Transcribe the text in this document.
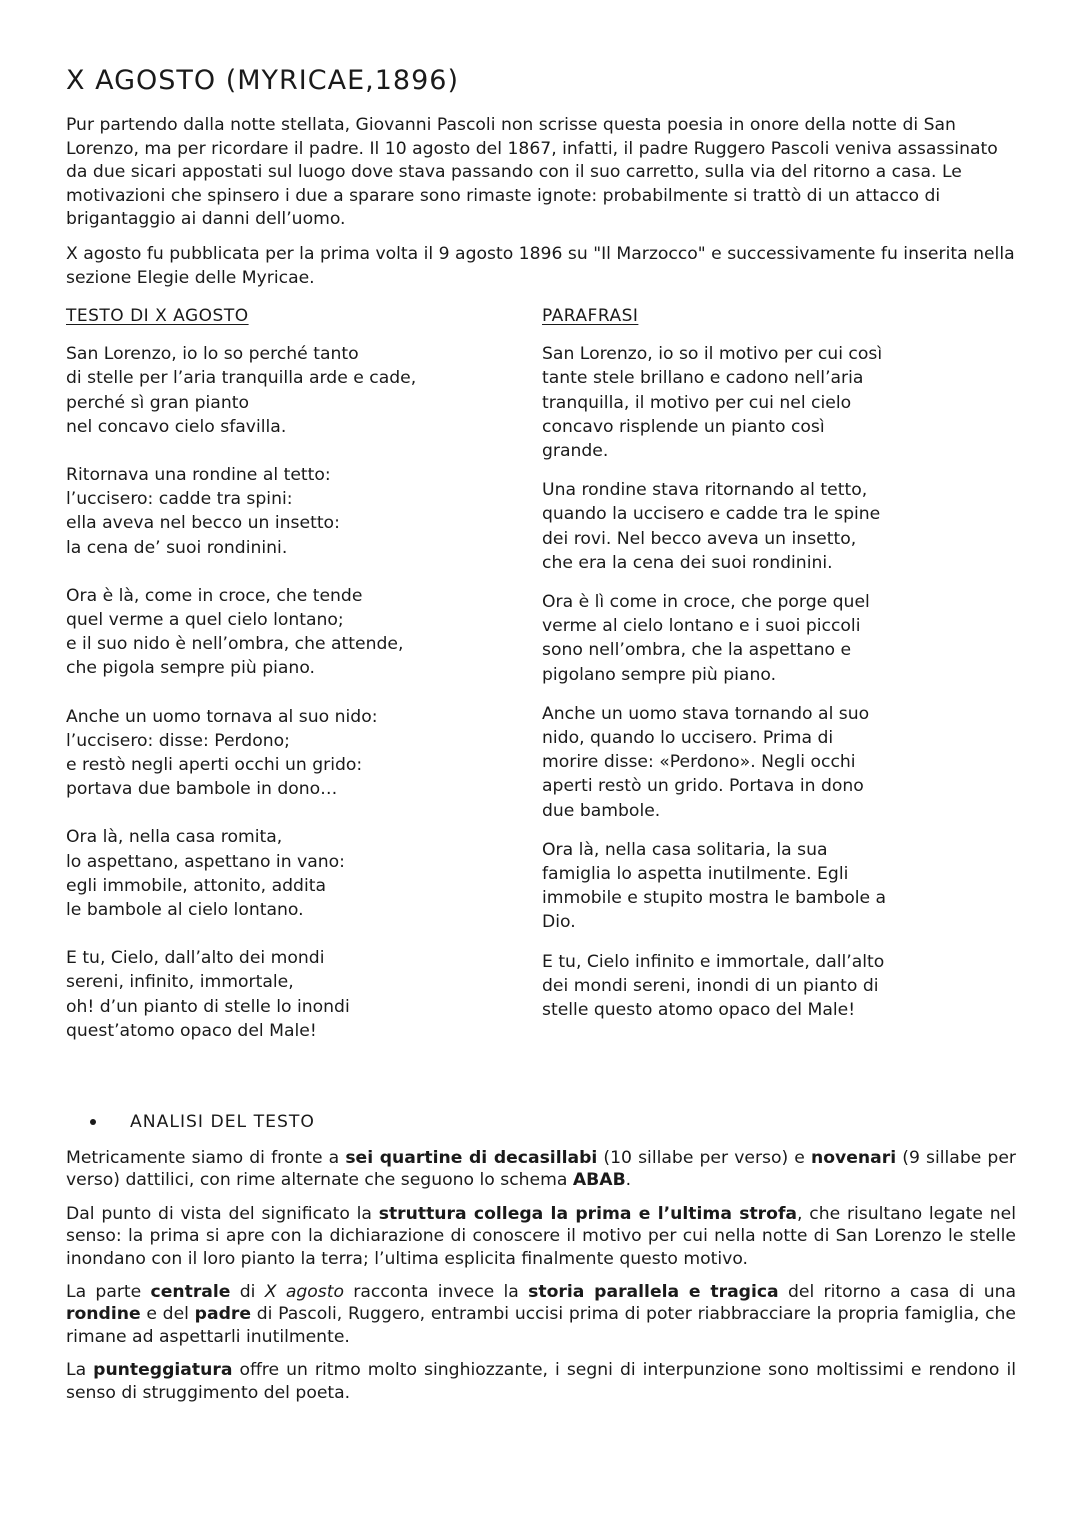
X AGOSTO (MYRICAE,1896)

Pur partendo dalla notte stellata, Giovanni Pascoli non scrisse questa poesia in onore della notte di San Lorenzo, ma per ricordare il padre. Il 10 agosto del 1867, infatti, il padre Ruggero Pascoli veniva assassinato da due sicari appostati sul luogo dove stava passando con il suo carretto, sulla via del ritorno a casa. Le motivazioni che spinsero i due a sparare sono rimaste ignote: probabilmente si trattò di un attacco di brigantaggio ai danni dell’uomo.

X agosto fu pubblicata per la prima volta il 9 agosto 1896 su "Il Marzocco" e successivamente fu inserita nella sezione Elegie delle Myricae.

TESTO DI X AGOSTO
San Lorenzo, io lo so perché tanto
di stelle per l’aria tranquilla arde e cade,
perché sì gran pianto
nel concavo cielo sfavilla.
Ritornava una rondine al tetto:
l’uccisero: cadde tra spini:
ella aveva nel becco un insetto:
la cena de’ suoi rondinini.
Ora è là, come in croce, che tende
quel verme a quel cielo lontano;
e il suo nido è nell’ombra, che attende,
che pigola sempre più piano.
Anche un uomo tornava al suo nido:
l’uccisero: disse: Perdono;
e restò negli aperti occhi un grido:
portava due bambole in dono…
Ora là, nella casa romita,
lo aspettano, aspettano in vano:
egli immobile, attonito, addita
le bambole al cielo lontano.
E tu, Cielo, dall’alto dei mondi
sereni, infinito, immortale,
oh! d’un pianto di stelle lo inondi
quest’atomo opaco del Male!
PARAFRASI
San Lorenzo, io so il motivo per cui così
tante stele brillano e cadono nell’aria
tranquilla, il motivo per cui nel cielo
concavo risplende un pianto così
grande.
Una rondine stava ritornando al tetto,
quando la uccisero e cadde tra le spine
dei rovi. Nel becco aveva un insetto,
che era la cena dei suoi rondinini.
Ora è lì come in croce, che porge quel
verme al cielo lontano e i suoi piccoli
sono nell’ombra, che la aspettano e
pigolano sempre più piano.
Anche un uomo stava tornando al suo
nido, quando lo uccisero. Prima di
morire disse: «Perdono». Negli occhi
aperti restò un grido. Portava in dono
due bambole.
Ora là, nella casa solitaria, la sua
famiglia lo aspetta inutilmente. Egli
immobile e stupito mostra le bambole a
Dio.
E tu, Cielo infinito e immortale, dall’alto
dei mondi sereni, inondi di un pianto di
stelle questo atomo opaco del Male!
ANALISI DEL TESTO

Metricamente siamo di fronte a sei quartine di decasillabi (10 sillabe per verso) e novenari (9 sillabe per verso) dattilici, con rime alternate che seguono lo schema ABAB.

Dal punto di vista del significato la struttura collega la prima e l’ultima strofa, che risultano legate nel senso: la prima si apre con la dichiarazione di conoscere il motivo per cui nella notte di San Lorenzo le stelle inondano con il loro pianto la terra; l’ultima esplicita finalmente questo motivo.

La parte centrale di X agosto racconta invece la storia parallela e tragica del ritorno a casa di una rondine e del padre di Pascoli, Ruggero, entrambi uccisi prima di poter riabbracciare la propria famiglia, che rimane ad aspettarli inutilmente.

La punteggiatura offre un ritmo molto singhiozzante, i segni di interpunzione sono moltissimi e rendono il senso di struggimento del poeta.
